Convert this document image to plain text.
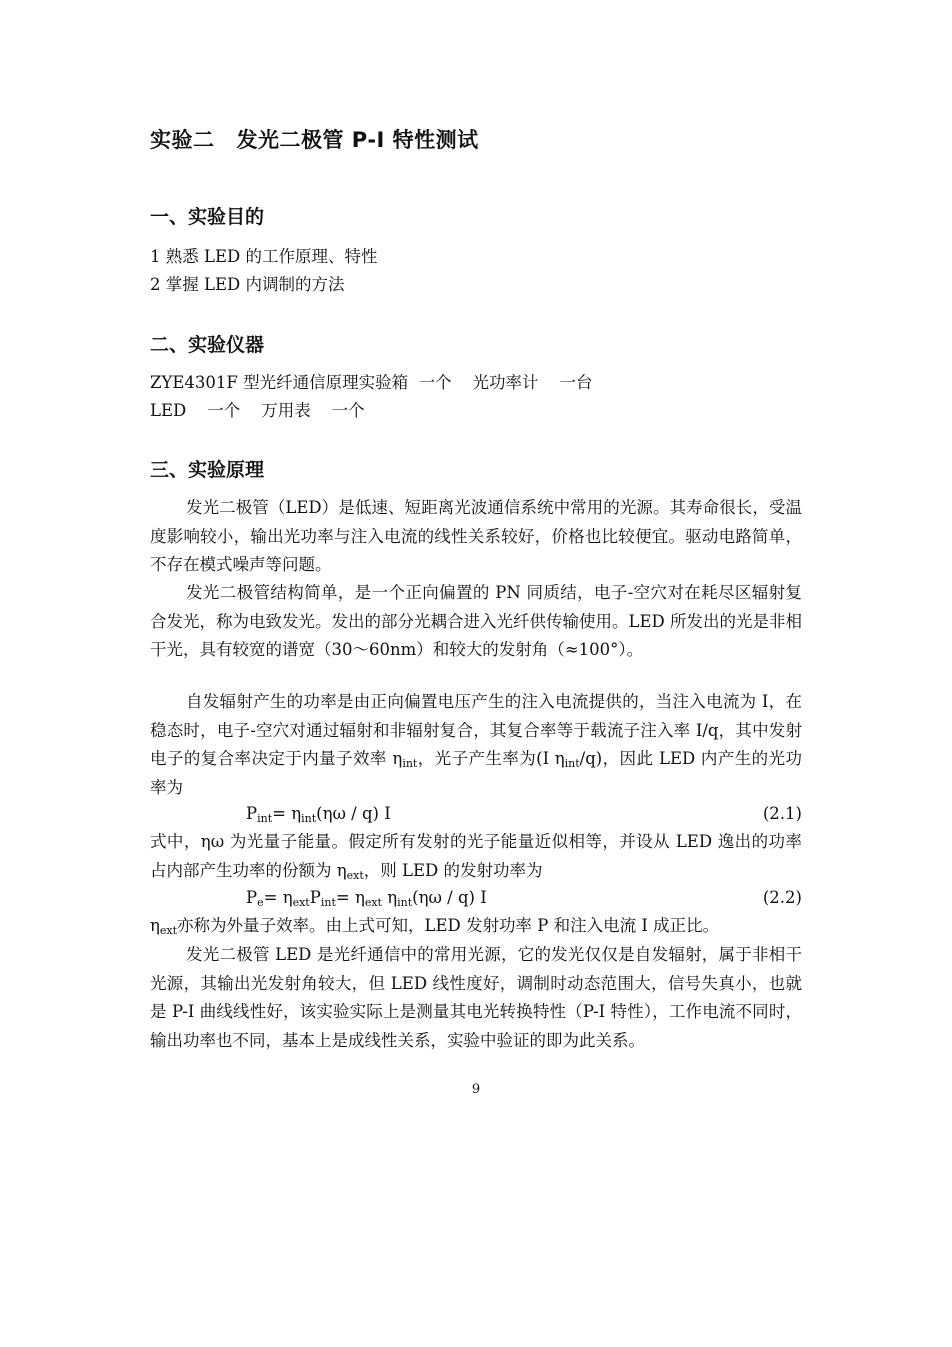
实验二 发光二极管 P-I 特性测试
一、实验目的
1 熟悉 LED 的工作原理、特性
2 掌握 LED 内调制的方法
二、实验仪器
ZYE4301F 型光纤通信原理实验箱  一个    光功率计    一台
LED    一个    万用表    一个
三、实验原理

发光二极管（LED）是低速、短距离光波通信系统中常用的光源。其寿命很长，受温度影响较小，输出光功率与注入电流的线性关系较好，价格也比较便宜。驱动电路简单，不存在模式噪声等问题。

发光二极管结构简单，是一个正向偏置的 PN 同质结，电子-空穴对在耗尽区辐射复合发光，称为电致发光。发出的部分光耦合进入光纤供传输使用。LED 所发出的光是非相干光，具有较宽的谱宽（30～60nm）和较大的发射角（≈100°）。

自发辐射产生的功率是由正向偏置电压产生的注入电流提供的，当注入电流为 I，在稳态时，电子-空穴对通过辐射和非辐射复合，其复合率等于载流子注入率 I/q，其中发射电子的复合率决定于内量子效率 $\eta_{int}$，光子产生率为(I $\eta_{int}/q$)，因此 LED 内产生的光功率为

$P_{int}= \eta_{int}(\eta\omega / q)$ I	(2.1)

式中，ηω 为光量子能量。假定所有发射的光子能量近似相等，并设从 LED 逸出的功率占内部产生功率的份额为 $\eta_{ext}$，则 LED 的发射功率为

$P_e= \eta_{ext}P_{int}= \eta_{ext}$ $\eta_{int}(\eta\omega / q)$ I	(2.2)

$\eta_{ext}$亦称为外量子效率。由上式可知，LED 发射功率 P 和注入电流 I 成正比。

发光二极管 LED 是光纤通信中的常用光源，它的发光仅仅是自发辐射，属于非相干光源，其输出光发射角较大，但 LED 线性度好，调制时动态范围大，信号失真小，也就是 P-I 曲线线性好，该实验实际上是测量其电光转换特性（P-I 特性），工作电流不同时，输出功率也不同，基本上是成线性关系，实验中验证的即为此关系。

9
